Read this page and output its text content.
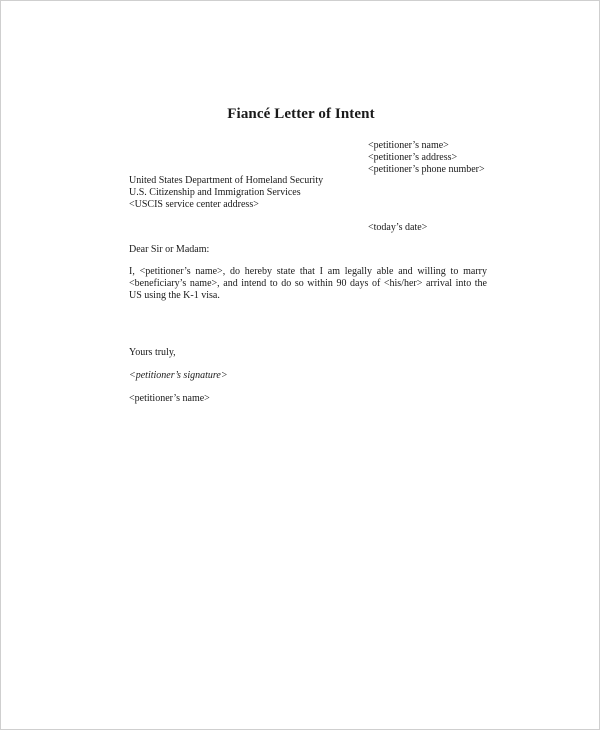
Fiancé Letter of Intent
<petitioner’s name>
<petitioner’s address>
<petitioner’s phone number>
United States Department of Homeland Security
U.S. Citizenship and Immigration Services
<USCIS service center address>
<today’s date>
Dear Sir or Madam:
I, <petitioner’s name>, do hereby state that I am legally able and willing to marry <beneficiary’s name>, and intend to do so within 90 days of <his/her> arrival into the US using the K-1 visa.
Yours truly,
<petitioner’s signature>
<petitioner’s name>
